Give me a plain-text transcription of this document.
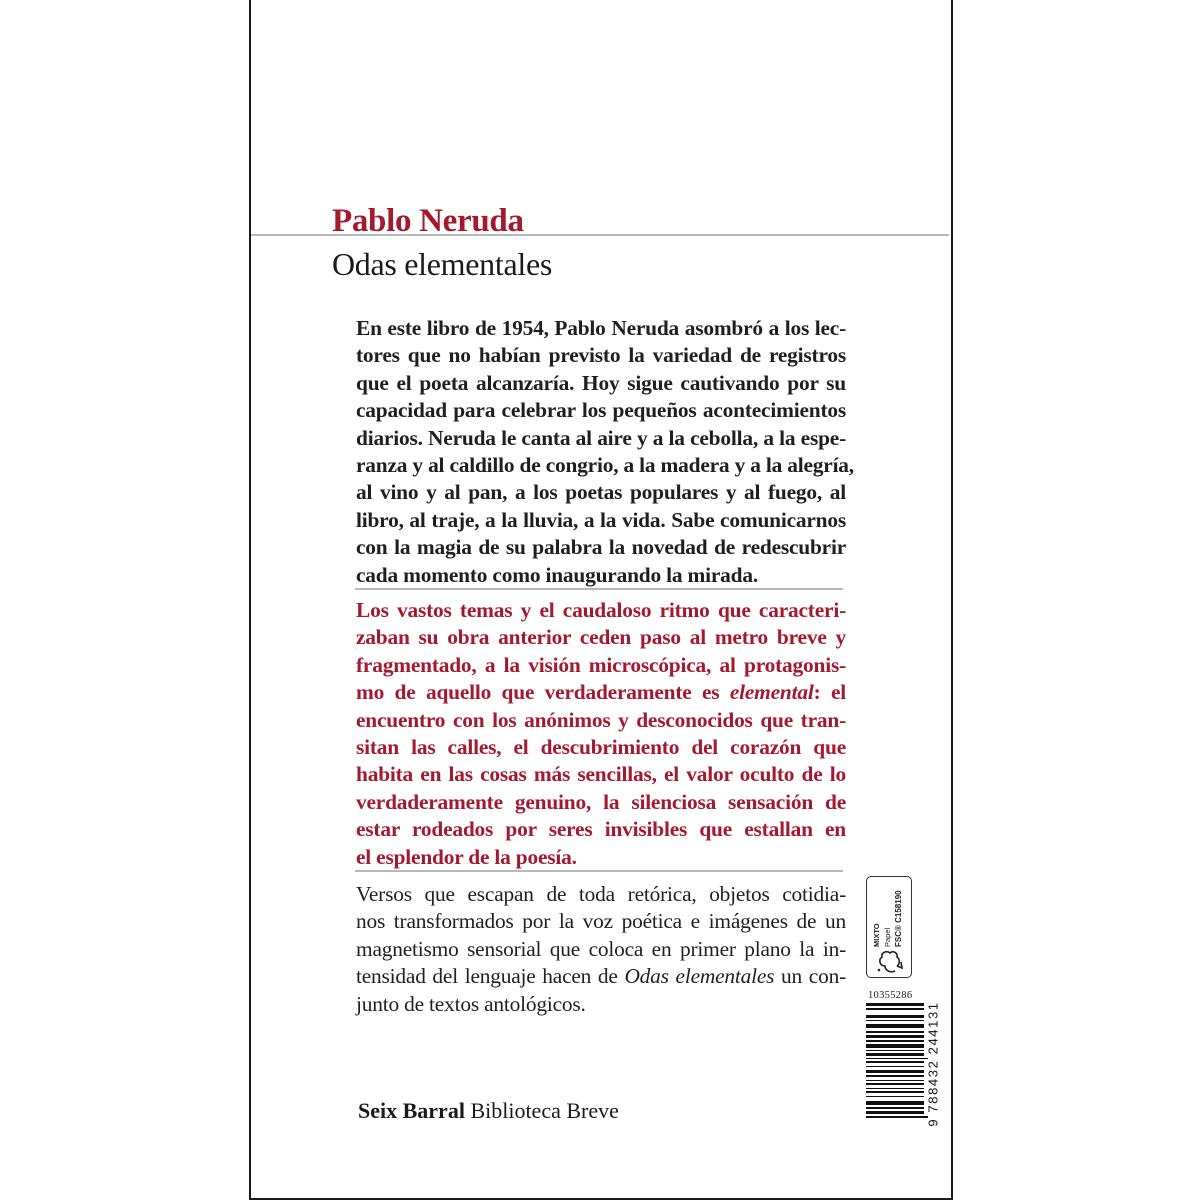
Pablo Neruda
Odas elementales
En este libro de 1954, Pablo Neruda asombró a los lec-
tores que no habían previsto la variedad de registros
que el poeta alcanzaría. Hoy sigue cautivando por su
capacidad para celebrar los pequeños acontecimientos
diarios. Neruda le canta al aire y a la cebolla, a la espe-
ranza y al caldillo de congrio, a la madera y a la alegría,
al vino y al pan, a los poetas populares y al fuego, al
libro, al traje, a la lluvia, a la vida. Sabe comunicarnos
con la magia de su palabra la novedad de redescubrir
cada momento como inaugurando la mirada.
Los vastos temas y el caudaloso ritmo que caracteri-
zaban su obra anterior ceden paso al metro breve y
fragmentado, a la visión microscópica, al protagonis-
mo de aquello que verdaderamente es elemental: el
encuentro con los anónimos y desconocidos que tran-
sitan las calles, el descubrimiento del corazón que
habita en las cosas más sencillas, el valor oculto de lo
verdaderamente genuino, la silenciosa sensación de
estar rodeados por seres invisibles que estallan en
el esplendor de la poesía.
Versos que escapan de toda retórica, objetos cotidia-
nos transformados por la voz poética e imágenes de un
magnetismo sensorial que coloca en primer plano la in-
tensidad del lenguaje hacen de Odas elementales un con-
junto de textos antológicos.
Seix Barral Biblioteca Breve
MIXTO Papel FSC® C158190
10355286
9 788432 244131
